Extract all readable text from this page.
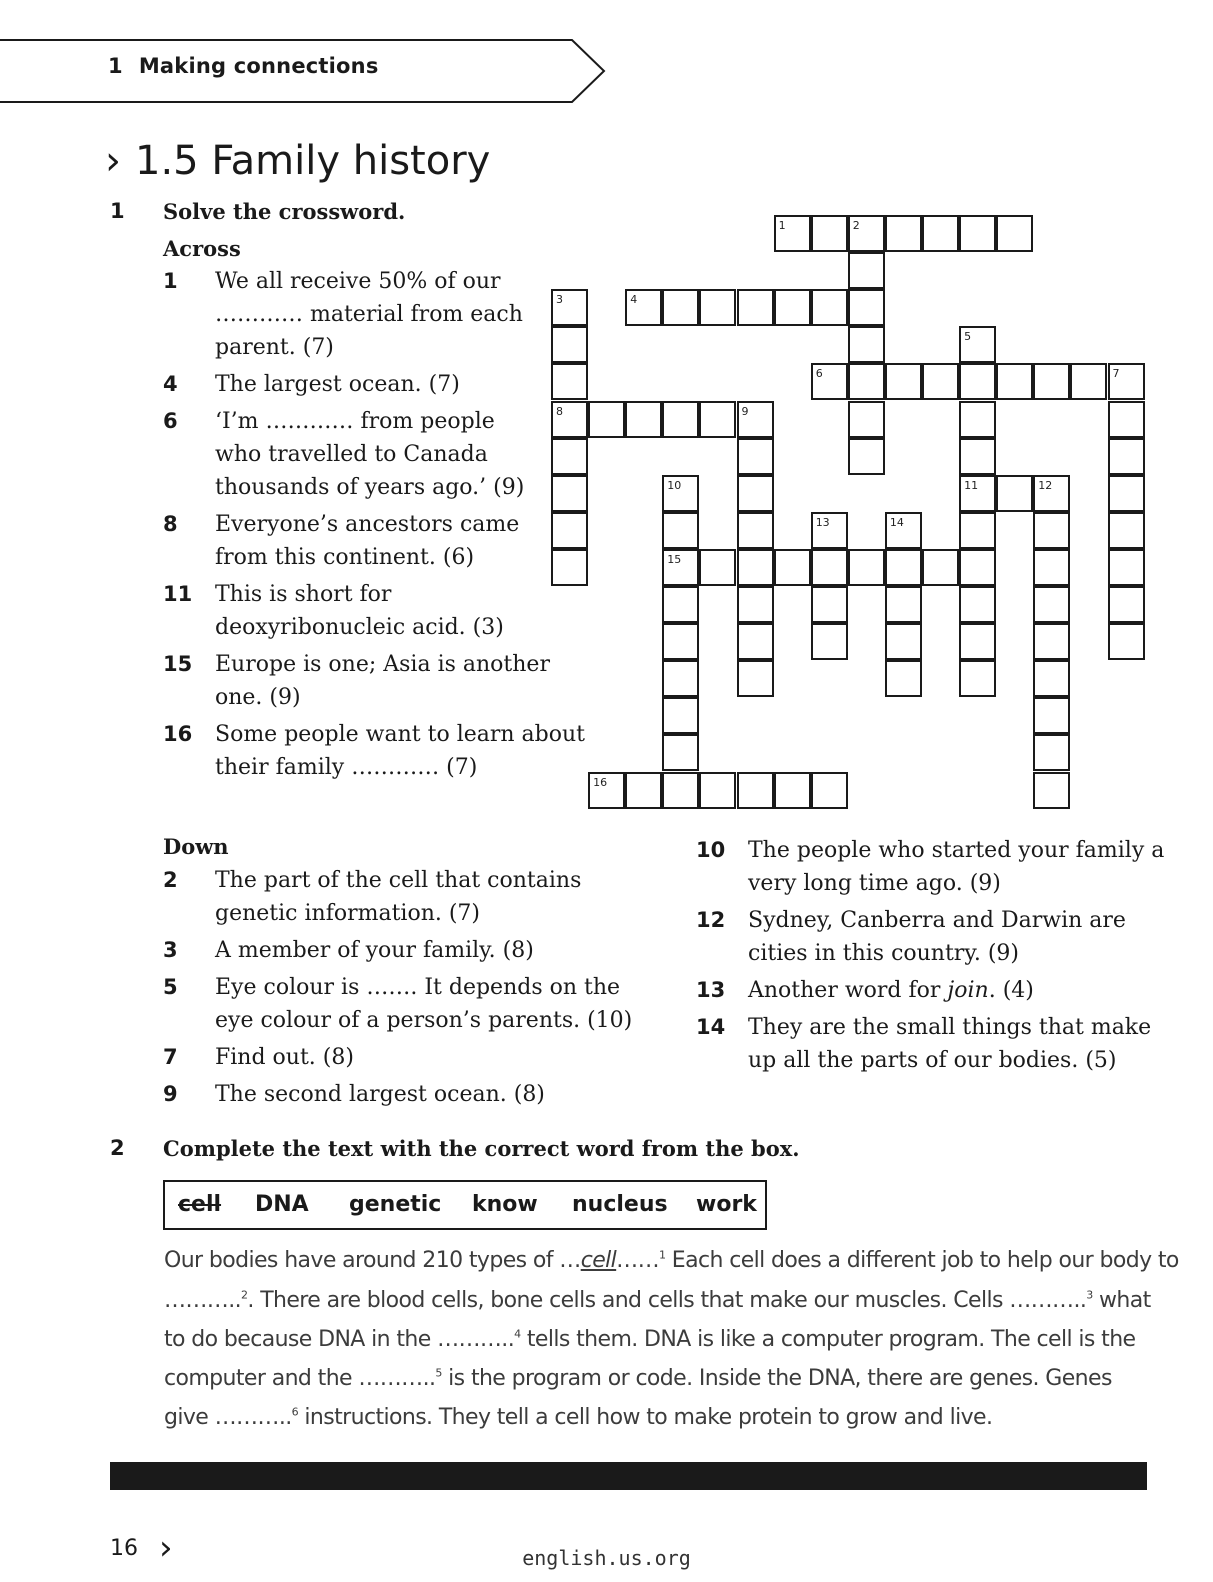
1 Making connections
› 1.5 Family history
1 Solve the crossword.
Across
Down
1 We all receive 50% of our
………… material from each
parent. (7)
4 The largest ocean. (7)
6 ‘I’m ………… from people
who travelled to Canada
thousands of years ago.’ (9)
8 Everyone’s ancestors came
from this continent. (6)
11 This is short for
deoxyribonucleic acid. (3)
15 Europe is one; Asia is another
one. (9)
16 Some people want to learn about
their family ………… (7)
2 The part of the cell that contains
genetic information. (7)
3 A member of your family. (8)
5 Eye colour is ……. It depends on the
eye colour of a person’s parents. (10)
7 Find out. (8)
9 The second largest ocean. (8)
10 The people who started your family a
very long time ago. (9)
12 Sydney, Canberra and Darwin are
cities in this country. (9)
13 Another word for join. (4)
14 They are the small things that make
up all the parts of our bodies. (5)
1	2
3	4
5
6	7
8	9
10	11	12
13	14
15
16
2 Complete the text with the correct word from the box.
cell DNA genetic know nucleus work
Our bodies have around 210 types of …cell……$^1$ Each cell does a different job to help our body to
………..$^2$. There are blood cells, bone cells and cells that make our muscles. Cells ………..$^3$ what
to do because DNA in the ………..$^4$ tells them. DNA is like a computer program. The cell is the
computer and the ………..$^5$ is the program or code. Inside the DNA, there are genes. Genes
give ………..$^6$ instructions. They tell a cell how to make protein to grow and live.
16 ›	english.us.org
